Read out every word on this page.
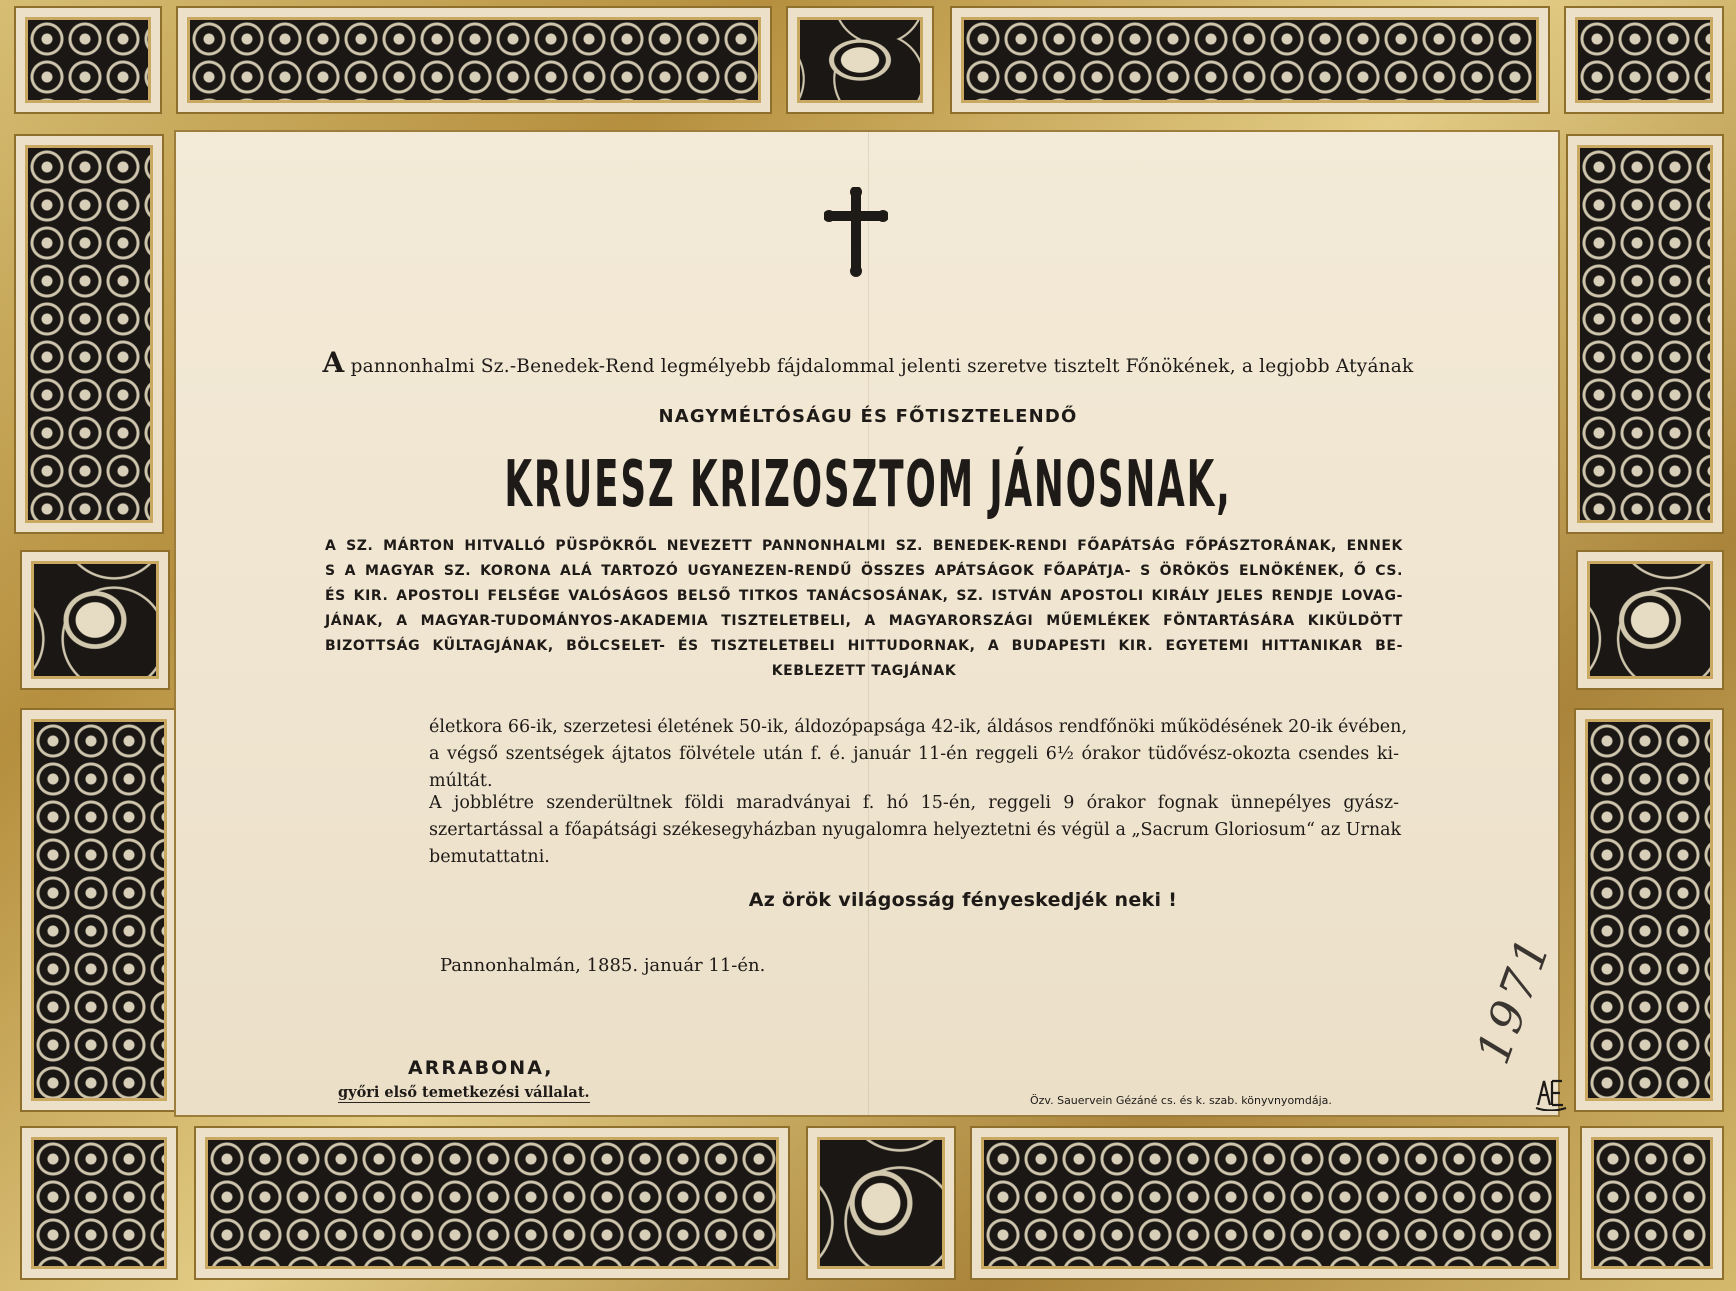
A pannonhalmi Sz.-Benedek-Rend legmélyebb fájdalommal jelenti szeretve tisztelt Főnökének, a legjobb Atyának
NAGYMÉLTÓSÁGU ÉS FŐTISZTELENDŐ
KRUESZ KRIZOSZTOM JÁNOSNAK,
A SZ. MÁRTON HITVALLÓ PÜSPÖKRŐL NEVEZETT PANNONHALMI SZ. BENEDEK-RENDI FŐAPÁTSÁG FŐPÁSZTORÁNAK, ENNEK
S A MAGYAR SZ. KORONA ALÁ TARTOZÓ UGYANEZEN-RENDŰ ÖSSZES APÁTSÁGOK FŐAPÁTJA- S ÖRÖKÖS ELNÖKÉNEK, Ő CS.
ÉS KIR. APOSTOLI FELSÉGE VALÓSÁGOS BELSŐ TITKOS TANÁCSOSÁNAK, SZ. ISTVÁN APOSTOLI KIRÁLY JELES RENDJE LOVAG-
JÁNAK, A MAGYAR-TUDOMÁNYOS-AKADEMIA TISZTELETBELI, A MAGYARORSZÁGI MŰEMLÉKEK FÖNTARTÁSÁRA KIKÜLDÖTT
BIZOTTSÁG KÜLTAGJÁNAK, BÖLCSELET- ÉS TISZTELETBELI HITTUDORNAK, A BUDAPESTI KIR. EGYETEMI HITTANIKAR BE-
KEBLEZETT TAGJÁNAK
életkora 66-ik, szerzetesi életének 50-ik, áldozópapsága 42-ik, áldásos rendfőnöki működésének 20-ik évében,
a végső szentségek ájtatos fölvétele után f. é. január 11-én reggeli 6½ órakor tüdővész-okozta csendes ki-
múltát.
A jobblétre szenderültnek földi maradványai f. hó 15-én, reggeli 9 órakor fognak ünnepélyes gyász-
szertartással a főapátsági székesegyházban nyugalomra helyeztetni és végül a „Sacrum Gloriosum“ az Urnak
bemutattatni.
Az örök világosság fényeskedjék neki !
Pannonhalmán, 1885. január 11-én.
ARRABONA,
győri első temetkezési vállalat.	Özv. Sauervein Gézáné cs. és k. szab. könyvnyomdája.
1971
